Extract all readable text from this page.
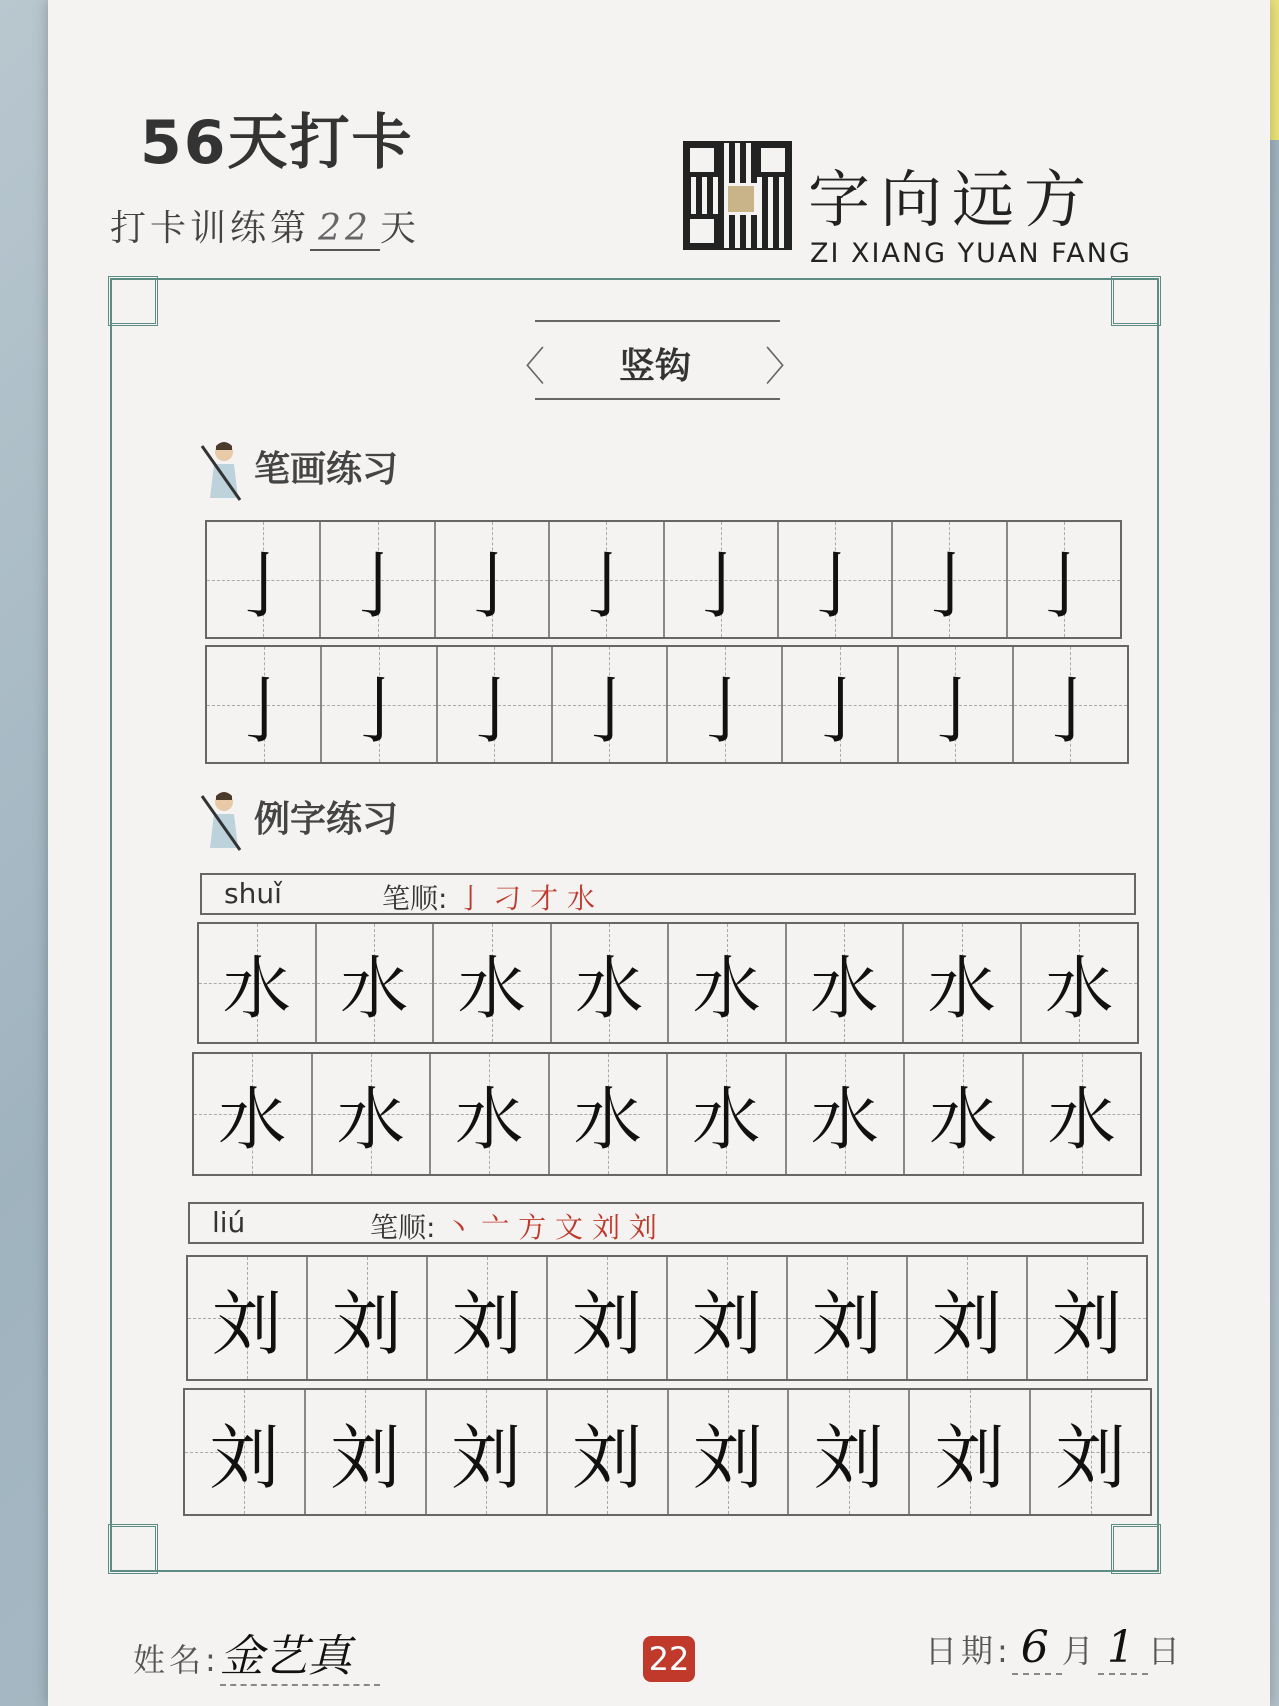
56天打卡
打卡训练第 22 天	字向远方
ZI XIANG YUAN FANG
〈	〉
竖钩
笔画练习
亅 亅 亅 亅 亅 亅 亅 亅
亅 亅 亅 亅 亅 亅 亅 亅
例字练习
shuǐ	笔顺: 亅 刁 才 水
水 水 水 水 水 水 水 水
水 水 水 水 水 水 水 水
liú	笔顺: 丶 亠 方 文 刘 刘
刘 刘 刘 刘 刘 刘 刘 刘
刘 刘 刘 刘 刘 刘 刘 刘
姓名:金艺真	22	日期: 6 月 1 日
